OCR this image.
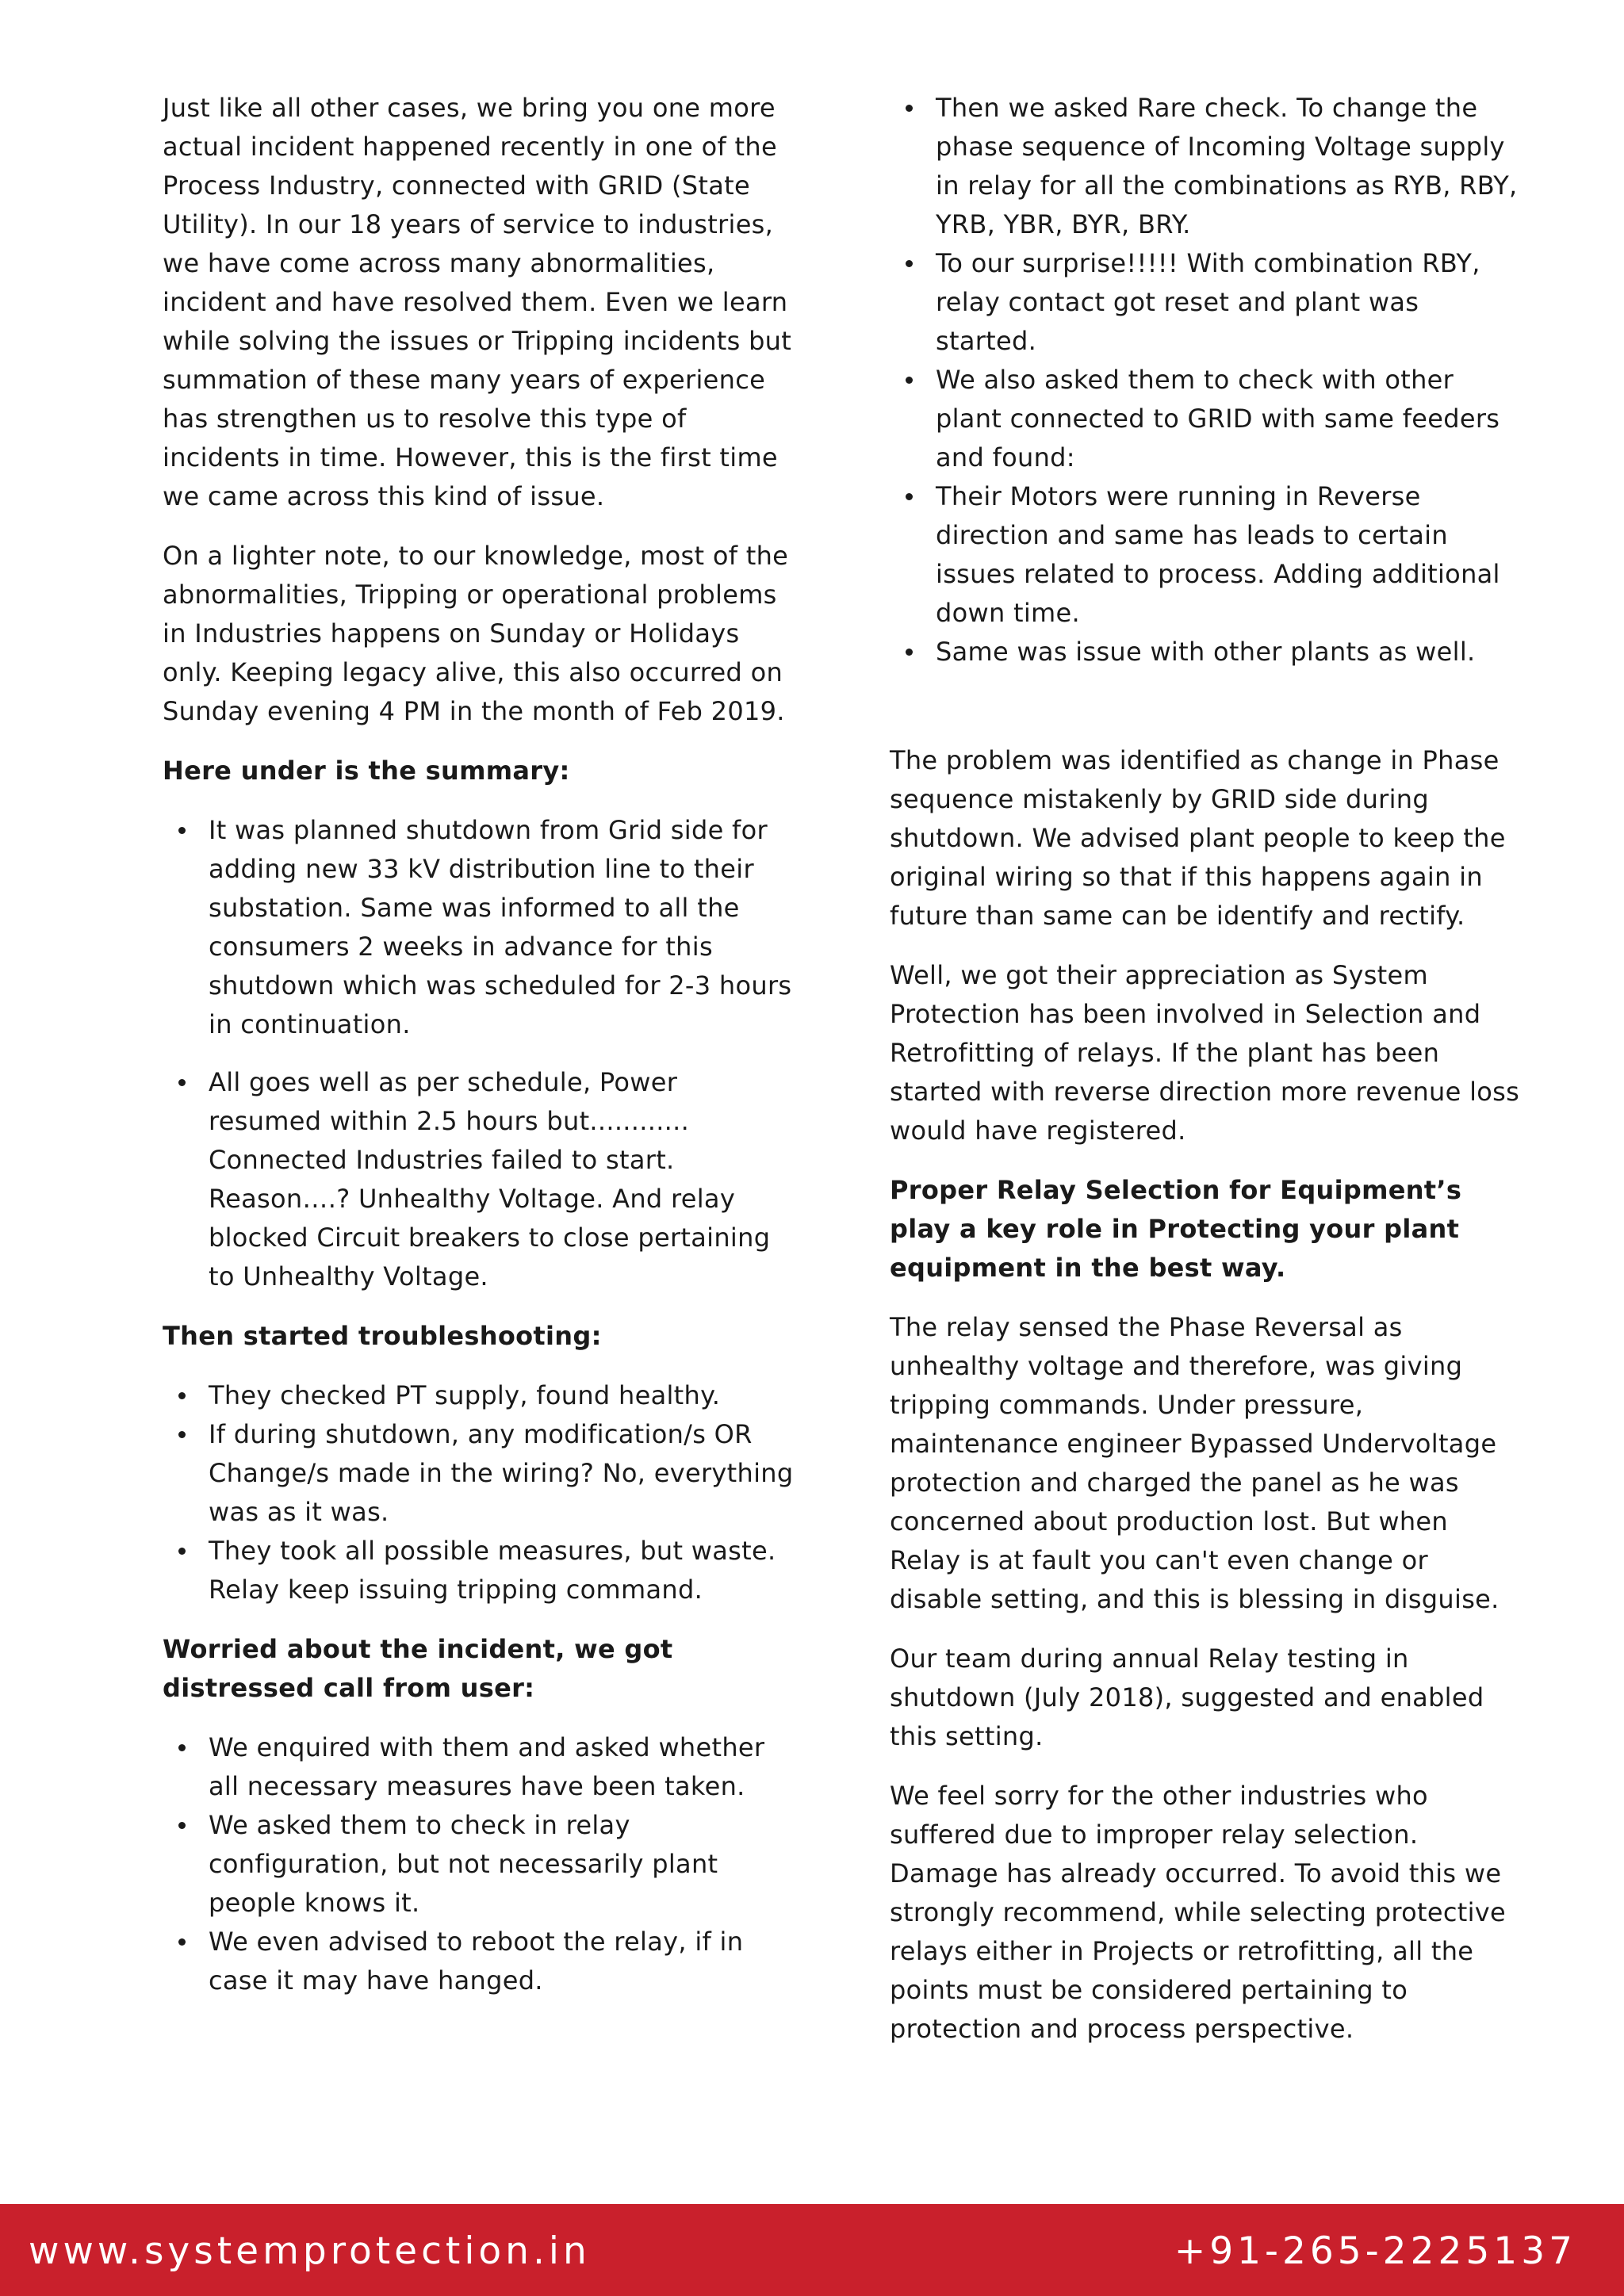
Just like all other cases, we bring you one more actual incident happened recently in one of the Process Industry, connected with GRID (State Utility). In our 18 years of service to industries, we have come across many abnormalities, incident and have resolved them. Even we learn while solving the issues or Tripping incidents but summation of these many years of experience has strengthen us to resolve this type of incidents in time. However, this is the first time we came across this kind of issue.

On a lighter note, to our knowledge, most of the abnormalities, Tripping or operational problems in Industries happens on Sunday or Holidays only. Keeping legacy alive, this also occurred on Sunday evening 4 PM in the month of Feb 2019.

Here under is the summary:
It was planned shutdown from Grid side for adding new 33 kV distribution line to their substation. Same was informed to all the consumers 2 weeks in advance for this shutdown which was scheduled for 2-3 hours in continuation.
All goes well as per schedule, Power resumed within 2.5 hours but............ Connected Industries failed to start. Reason….? Unhealthy Voltage. And relay blocked Circuit breakers to close pertaining to Unhealthy Voltage.
Then started troubleshooting:
They checked PT supply, found healthy.
If during shutdown, any modification/s OR Change/s made in the wiring? No, everything was as it was.
They took all possible measures, but waste. Relay keep issuing tripping command.
Worried about the incident, we got distressed call from user:
We enquired with them and asked whether all necessary measures have been taken.
We asked them to check in relay configuration, but not necessarily plant people knows it.
We even advised to reboot the relay, if in case it may have hanged.
Then we asked Rare check. To change the phase sequence of Incoming Voltage supply in relay for all the combinations as RYB, RBY, YRB, YBR, BYR, BRY.
To our surprise!!!!! With combination RBY, relay contact got reset and plant was started.
We also asked them to check with other plant connected to GRID with same feeders and found:
Their Motors were running in Reverse direction and same has leads to certain issues related to process. Adding additional down time.
Same was issue with other plants as well.

The problem was identified as change in Phase sequence mistakenly by GRID side during shutdown. We advised plant people to keep the original wiring so that if this happens again in future than same can be identify and rectify.

Well, we got their appreciation as System Protection has been involved in Selection and Retrofitting of relays. If the plant has been started with reverse direction more revenue loss would have registered.

Proper Relay Selection for Equipment’s play a key role in Protecting your plant equipment in the best way.

The relay sensed the Phase Reversal as unhealthy voltage and therefore, was giving tripping commands. Under pressure, maintenance engineer Bypassed Undervoltage protection and charged the panel as he was concerned about production lost. But when Relay is at fault you can't even change or disable setting, and this is blessing in disguise.

Our team during annual Relay testing in shutdown (July 2018), suggested and enabled this setting.

We feel sorry for the other industries who suffered due to improper relay selection. Damage has already occurred. To avoid this we strongly recommend, while selecting protective relays either in Projects or retrofitting, all the points must be considered pertaining to protection and process perspective.

www.systemprotection.in	+91-265-2225137
